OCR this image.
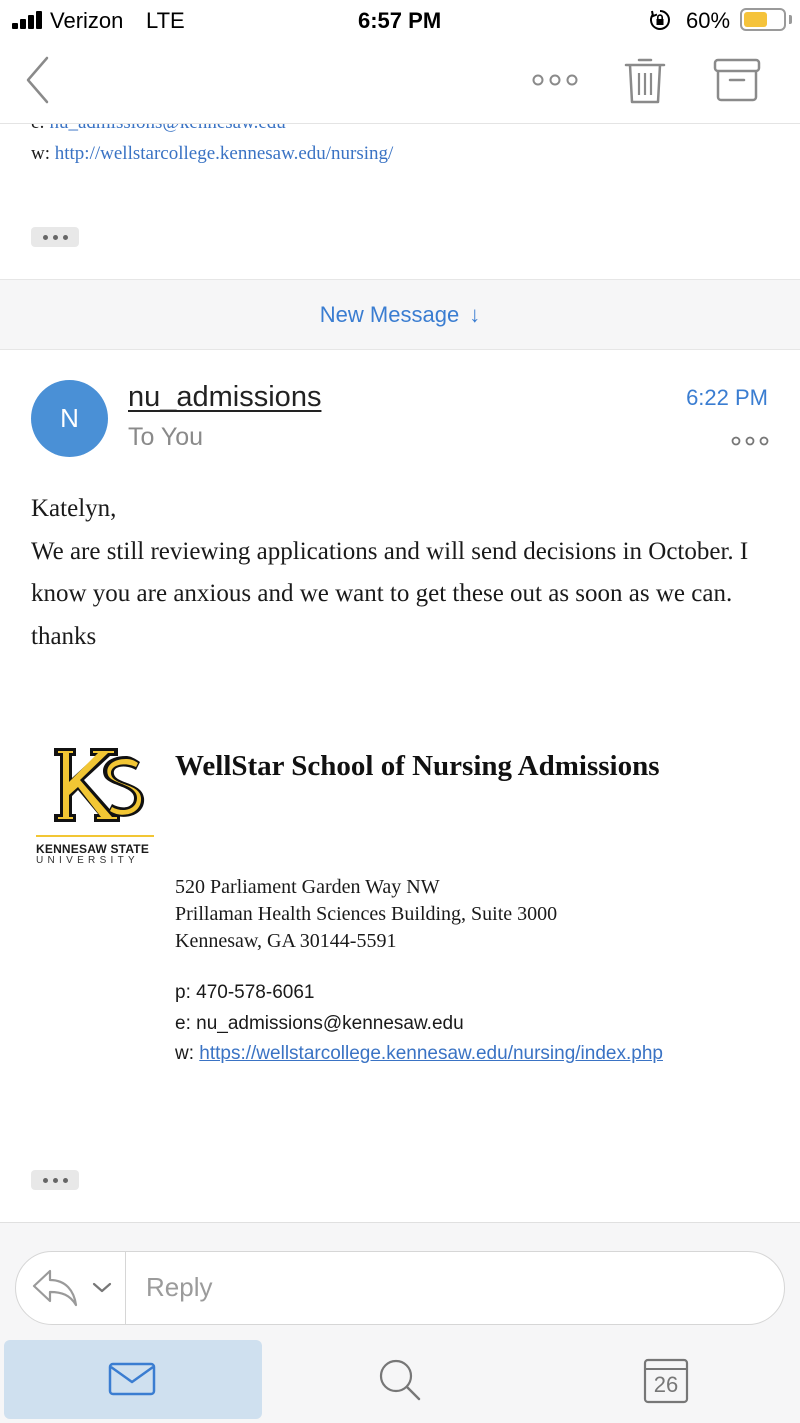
Verizon LTE	6:57 PM	60%
w: http://wellstarcollege.kennesaw.edu/nursing/
New Message ↓
N
nu_admissions
To You
6:22 PM

Katelyn,

We are still reviewing applications and will send decisions in October. I know you are anxious and we want to get these out as soon as we can.

thanks

KENNESAW STATE
UNIVERSITY
WellStar School of Nursing Admissions
520 Parliament Garden Way NW
Prillaman Health Sciences Building, Suite 3000
Kennesaw, GA 30144-5591
p: 470-578-6061
e: nu_admissions@kennesaw.edu
w: https://wellstarcollege.kennesaw.edu/nursing/index.php
Reply
26
